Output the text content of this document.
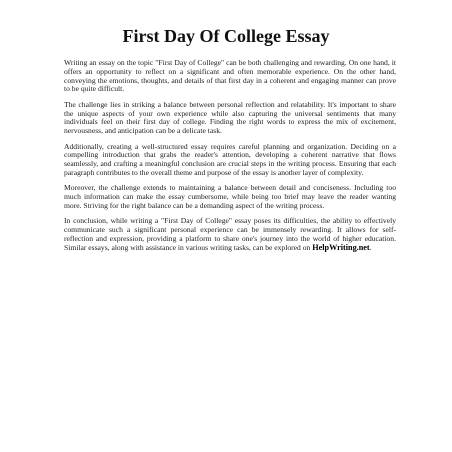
First Day Of College Essay

Writing an essay on the topic "First Day of College" can be both challenging and rewarding. On one hand, it offers an opportunity to reflect on a significant and often memorable experience. On the other hand, conveying the emotions, thoughts, and details of that first day in a coherent and engaging manner can prove to be quite difficult.

The challenge lies in striking a balance between personal reflection and relatability. It's important to share the unique aspects of your own experience while also capturing the universal sentiments that many individuals feel on their first day of college. Finding the right words to express the mix of excitement, nervousness, and anticipation can be a delicate task.

Additionally, creating a well-structured essay requires careful planning and organization. Deciding on a compelling introduction that grabs the reader's attention, developing a coherent narrative that flows seamlessly, and crafting a meaningful conclusion are crucial steps in the writing process. Ensuring that each paragraph contributes to the overall theme and purpose of the essay is another layer of complexity.

Moreover, the challenge extends to maintaining a balance between detail and conciseness. Including too much information can make the essay cumbersome, while being too brief may leave the reader wanting more. Striving for the right balance can be a demanding aspect of the writing process.

In conclusion, while writing a "First Day of College" essay poses its difficulties, the ability to effectively communicate such a significant personal experience can be immensely rewarding. It allows for self-reflection and expression, providing a platform to share one's journey into the world of higher education. Similar essays, along with assistance in various writing tasks, can be explored on HelpWriting.net.
